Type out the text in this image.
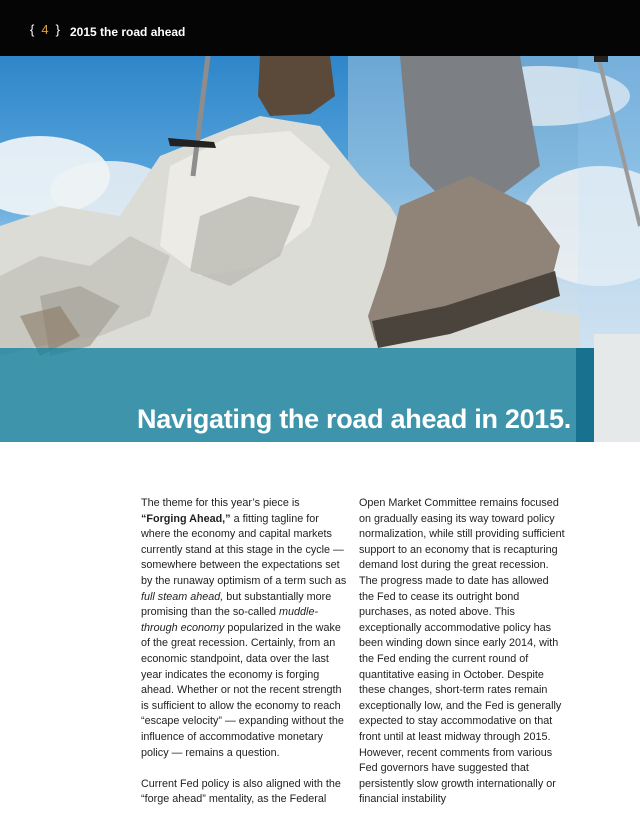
{ 4 } 2015 the road ahead
Navigating the road ahead in 2015.

The theme for this year’s piece is “Forging Ahead,” a fitting tagline for where the economy and capital markets currently stand at this stage in the cycle — somewhere between the expectations set by the runaway optimism of a term such as full steam ahead, but substantially more promising than the so-called muddle-through economy popularized in the wake of the great recession. Certainly, from an economic standpoint, data over the last year indicates the economy is forging ahead. Whether or not the recent strength is sufficient to allow the economy to reach “escape velocity” — expanding without the influence of accommodative monetary policy — remains a question.

Current Fed policy is also aligned with the “forge ahead” mentality, as the Federal

Open Market Committee remains focused on gradually easing its way toward policy normalization, while still providing sufficient support to an economy that is recapturing demand lost during the great recession. The progress made to date has allowed the Fed to cease its outright bond purchases, as noted above. This exceptionally accommodative policy has been winding down since early 2014, with the Fed ending the current round of quantitative easing in October. Despite these changes, short-term rates remain exceptionally low, and the Fed is generally expected to stay accommodative on that front until at least midway through 2015. However, recent comments from various Fed governors have suggested that persistently slow growth internationally or financial instability
